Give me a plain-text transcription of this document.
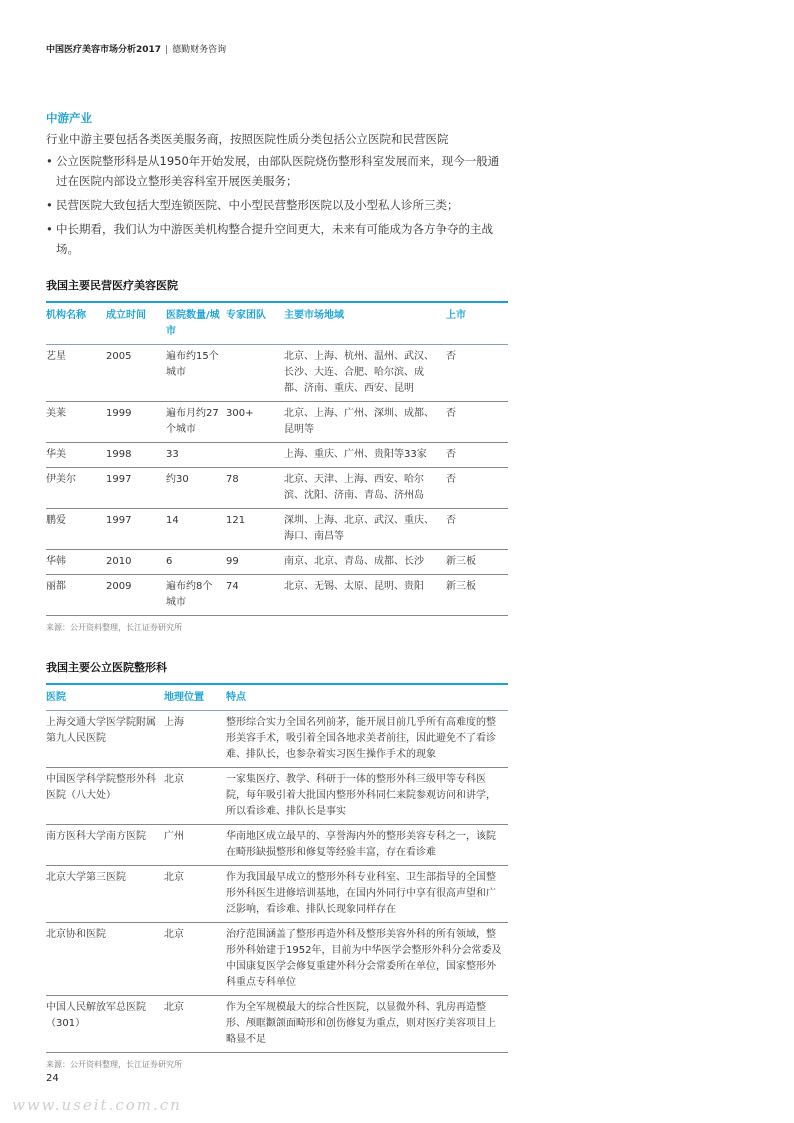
中国医疗美容市场分析2017 | 德勤财务咨询
中游产业

行业中游主要包括各类医美服务商，按照医院性质分类包括公立医院和民营医院

• 公立医院整形科是从1950年开始发展，由部队医院烧伤整形科室发展而来，现今一般通过在医院内部设立整形美容科室开展医美服务；
• 民营医院大致包括大型连锁医院、中小型民营整形医院以及小型私人诊所三类；
• 中长期看，我们认为中游医美机构整合提升空间更大，未来有可能成为各方争夺的主战场。
我国主要民营医疗美容医院
机构名称	成立时间	医院数量/城市	专家团队	主要市场地域	上市
艺星	2005	遍布约15个城市		北京、上海、杭州、温州、武汉、长沙、大连、合肥、哈尔滨、成都、济南、重庆、西安、昆明	否
美莱	1999	遍布月约27个城市	300+	北京、上海、广州、深圳、成都、昆明等	否
华美	1998	33		上海、重庆、广州、贵阳等33家	否
伊美尔	1997	约30	78	北京、天津、上海、西安、哈尔滨、沈阳、济南、青岛、济州岛	否
鹏爱	1997	14	121	深圳、上海、北京、武汉、重庆、海口、南昌等	否
华韩	2010	6	99	南京、北京、青岛、成都、长沙	新三板
丽都	2009	遍布约8个城市	74	北京、无锡、太原、昆明、贵阳	新三板
来源：公开资料整理，长江证券研究所
我国主要公立医院整形科
医院	地理位置	特点
上海交通大学医学院附属第九人民医院	上海	整形综合实力全国名列前茅，能开展目前几乎所有高难度的整形美容手术，吸引着全国各地求美者前往，因此避免不了看诊难、排队长，也参杂着实习医生操作手术的现象
中国医学科学院整形外科医院（八大处）	北京	一家集医疗、教学、科研于一体的整形外科三级甲等专科医院，每年吸引着大批国内整形外科同仁来院参观访问和讲学，所以看诊难、排队长是事实
南方医科大学南方医院	广州	华南地区成立最早的、享誉海内外的整形美容专科之一，该院在畸形缺损整形和修复等经验丰富，存在看诊难
北京大学第三医院	北京	作为我国最早成立的整形外科专业科室、卫生部指导的全国整形外科医生进修培训基地，在国内外同行中享有很高声望和广泛影响，看诊难、排队长现象同样存在
北京协和医院	北京	治疗范围涵盖了整形再造外科及整形美容外科的所有领域，整形外科始建于1952年，目前为中华医学会整形外科分会常委及中国康复医学会修复重建外科分会常委所在单位，国家整形外科重点专科单位
中国人民解放军总医院（301）	北京	作为全军规模最大的综合性医院，以显微外科、乳房再造整形、颅眶颧颌面畸形和创伤修复为重点，则对医疗美容项目上略显不足
来源：公开资料整理，长江证券研究所
24
www.useit.com.cn
